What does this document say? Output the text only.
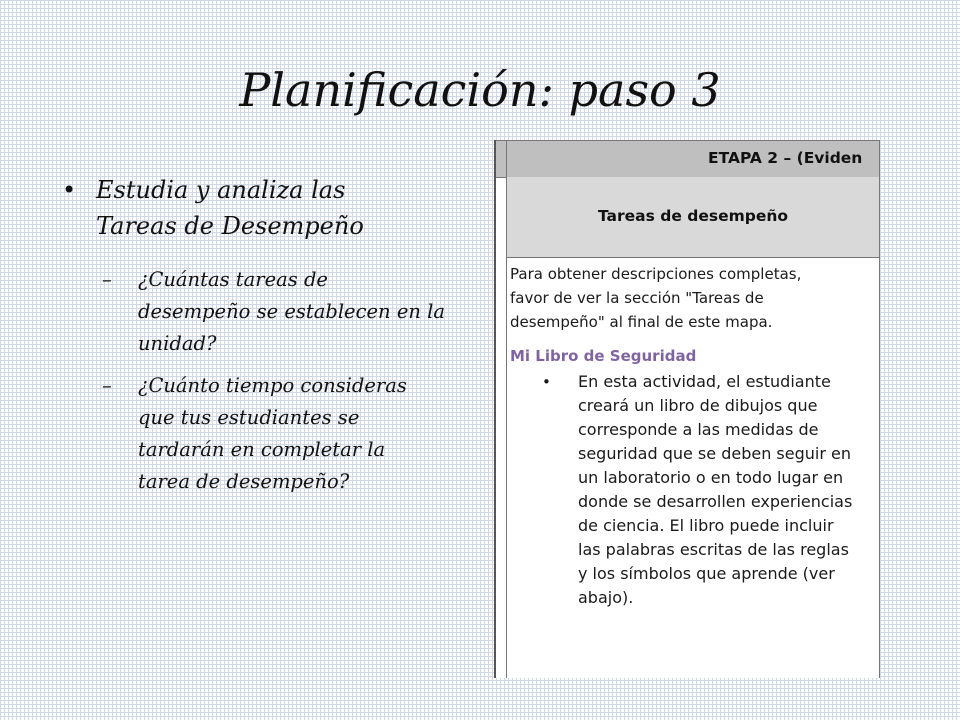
Planificación: paso 3
• Estudia y analiza las
Tareas de Desempeño
– ¿Cuántas tareas de
desempeño se establecen en la
unidad?
– ¿Cuánto tiempo consideras
que tus estudiantes se
tardarán en completar la
tarea de desempeño?
ETAPA 2 – (Eviden
Tareas de desempeño
Para obtener descripciones completas,
favor de ver la sección "Tareas de
desempeño" al final de este mapa.
Mi Libro de Seguridad
• En esta actividad, el estudiante
creará un libro de dibujos que
corresponde a las medidas de
seguridad que se deben seguir en
un laboratorio o en todo lugar en
donde se desarrollen experiencias
de ciencia. El libro puede incluir
las palabras escritas de las reglas
y los símbolos que aprende (ver
abajo).
